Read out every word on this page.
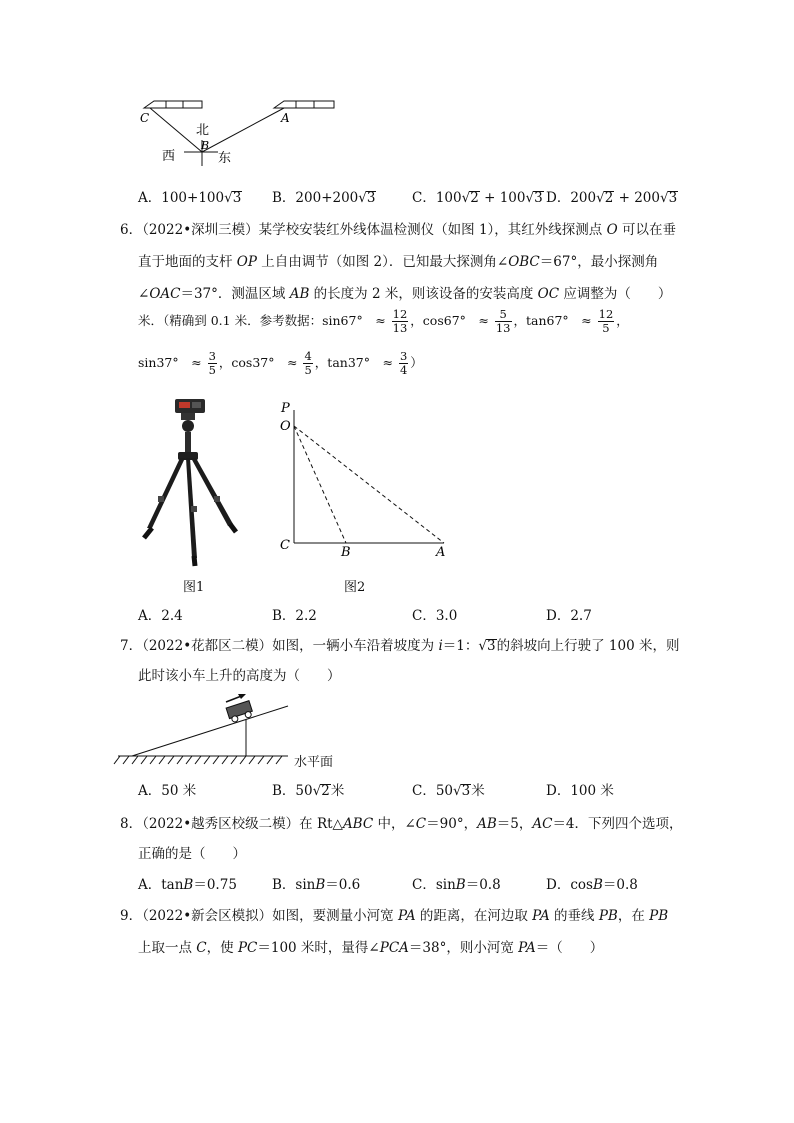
C	A
B
北
西	东
A．100+100√3 B．200+200√3	C．100√2 + 100√3 D．200√2 + 200√3
6．（2022•深圳三模）某学校安装红外线体温检测仪（如图 1），其红外线探测点 O 可以在垂
直于地面的支杆 OP 上自由调节（如图 2）．已知最大探测角∠OBC＝67°，最小探测角
∠OAC＝37°．测温区域 AB 的长度为 2 米，则该设备的安装高度 OC 应调整为（　　）
米．（精确到 0.1 米．参考数据：sin67°　≈ $\frac{12}{13}$ ，cos67°　≈ $\frac{5}{13}$ ，tan67°　≈ $\frac{12}{5}$ ，
sin37°　≈ $\frac{3}{5}$ ，cos37°　≈ $\frac{4}{5}$ ，tan37°　≈ $\frac{3}{4}$ ）
图1
P
O
C	B	A
图2
A．2.4	B．2.2	C．3.0	D．2.7
7．（2022•花都区二模）如图，一辆小车沿着坡度为 i＝1：√3的斜坡向上行驶了 100 米，则
此时该小车上升的高度为（　　）
水平面
A．50 米	B．50√2米	C．50√3米	D．100 米
8．（2022•越秀区校级二模）在 Rt△ABC 中，∠C＝90°，AB＝5，AC＝4．下列四个选项，
正确的是（　　）
A．tanB＝0.75	B．sinB＝0.6	C．sinB＝0.8	D．cosB＝0.8
9．（2022•新会区模拟）如图，要测量小河宽 PA 的距离，在河边取 PA 的垂线 PB，在 PB
上取一点 C，使 PC＝100 米时，量得∠PCA＝38°，则小河宽 PA＝（　　）
